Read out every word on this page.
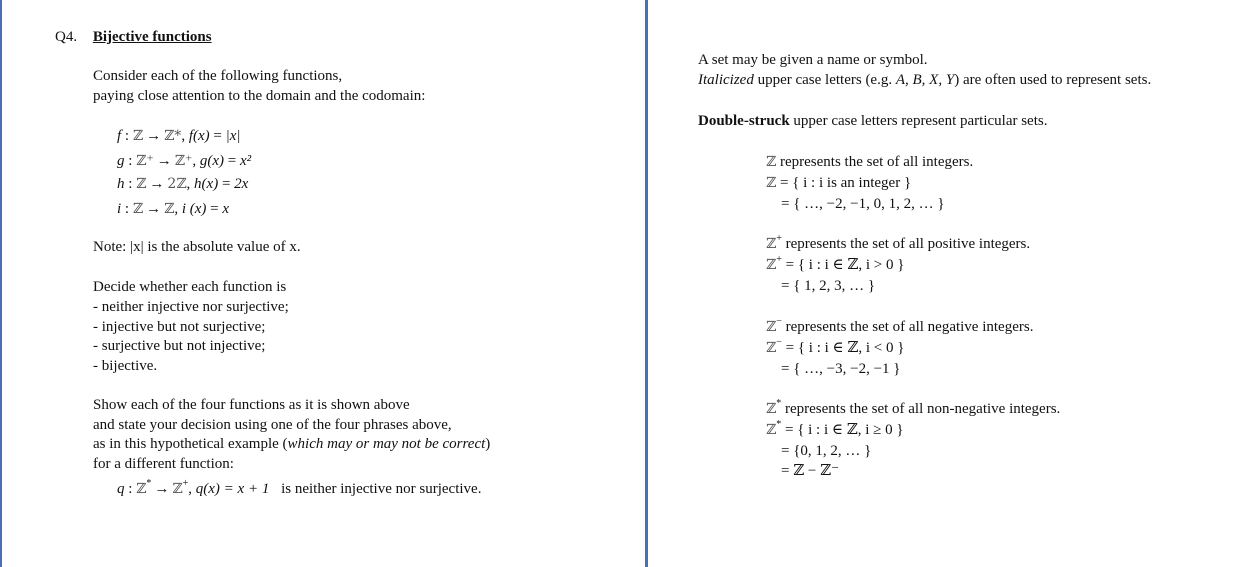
Q4. Bijective functions
Consider each of the following functions,
paying close attention to the domain and the codomain:
f : ℤ → ℤ*, f(x) = |x|
g : ℤ⁺ → ℤ⁺, g(x) = x²
h : ℤ → 2ℤ, h(x) = 2x
i : ℤ → ℤ, i (x) = x
Note: |x| is the absolute value of x.
Decide whether each function is
- neither injective nor surjective;
- injective but not surjective;
- surjective but not injective;
- bijective.
Show each of the four functions as it is shown above
and state your decision using one of the four phrases above,
as in this hypothetical example (which may or may not be correct)
for a different function:
q : ℤ* → ℤ+, q(x) = x + 1 is neither injective nor surjective.
A set may be given a name or symbol.
Italicized upper case letters (e.g. A, B, X, Y) are often used to represent sets.
Double-struck upper case letters represent particular sets.
ℤ represents the set of all integers.
ℤ = { i : i is an integer }
= { …, −2, −1, 0, 1, 2, … }
ℤ+ represents the set of all positive integers.
ℤ+ = { i : i ∈ ℤ, i > 0 }
= { 1, 2, 3, … }
ℤ− represents the set of all negative integers.
ℤ− = { i : i ∈ ℤ, i < 0 }
= { …, −3, −2, −1 }
ℤ* represents the set of all non-negative integers.
ℤ* = { i : i ∈ ℤ, i ≥ 0 }
= {0, 1, 2, … }
= ℤ − ℤ⁻
